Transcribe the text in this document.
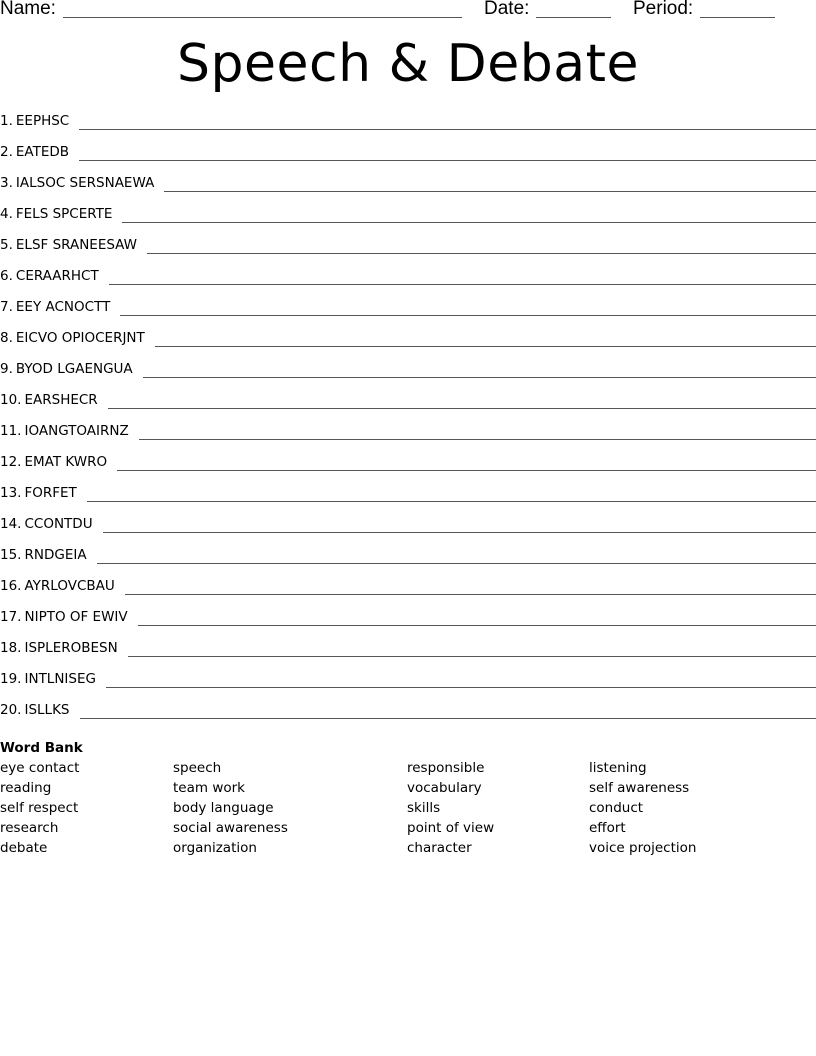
Name:	Date:	Period:
Speech & Debate
1. EEPHSC
2. EATEDB
3. IALSOC SERSNAEWA
4. FELS SPCERTE
5. ELSF SRANEESAW
6. CERAARHCT
7. EEY ACNOCTT
8. EICVO OPIOCERJNT
9. BYOD LGAENGUA
10. EARSHECR
11. IOANGTOAIRNZ
12. EMAT KWRO
13. FORFET
14. CCONTDU
15. RNDGEIA
16. AYRLOVCBAU
17. NIPTO OF EWIV
18. ISPLEROBESN
19. INTLNISEG
20. ISLLKS
Word Bank
eye contact
reading
self respect
research
debate
speech
team work
body language
social awareness
organization
responsible
vocabulary
skills
point of view
character
listening
self awareness
conduct
effort
voice projection
